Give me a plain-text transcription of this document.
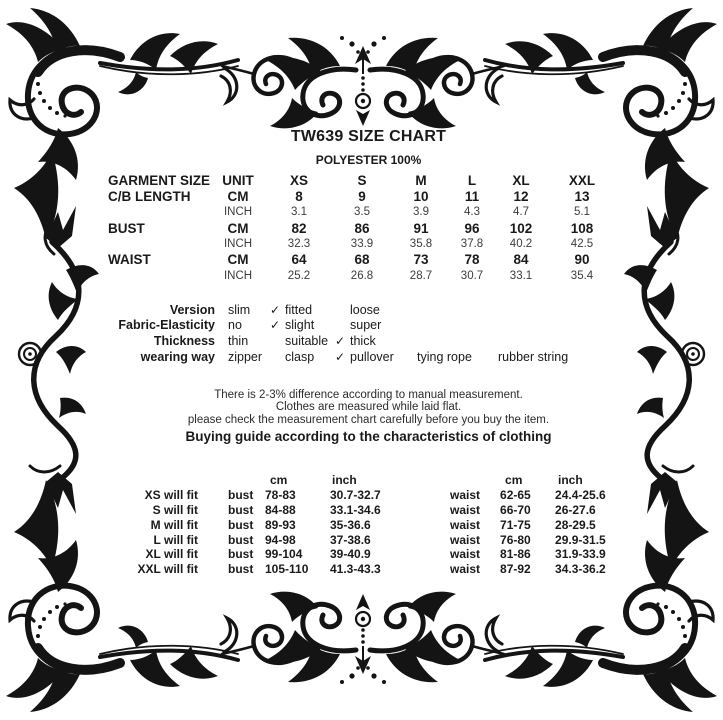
TW639 SIZE CHART
POLYESTER 100%
GARMENT SIZE	UNIT	XS	S	M	L	XL	XXL
C/B LENGTH	CM	8	9	10	11	12	13
	INCH	3.1	3.5	3.9	4.3	4.7	5.1
BUST	CM	82	86	91	96	102	108
	INCH	32.3	33.9	35.8	37.8	40.2	42.5
WAIST	CM	64	68	73	78	84	90
	INCH	25.2	26.8	28.7	30.7	33.1	35.4
Version	slim	✓	fitted		loose		
Fabric-Elasticity	no	✓	slight		super		
Thickness	thin		suitable	✓	thick		
wearing way	zipper		clasp	✓	pullover	tying rope	rubber string
There is 2-3% difference according to manual measurement.
Clothes are measured while laid flat.
please check the measurement chart carefully before you buy the item.
Buying guide according to the characteristics of clothing
		cm	inch		cm	inch
XS will fit	bust	78-83	30.7-32.7	waist	62-65	24.4-25.6
S will fit	bust	84-88	33.1-34.6	waist	66-70	26-27.6
M will fit	bust	89-93	35-36.6	waist	71-75	28-29.5
L will fit	bust	94-98	37-38.6	waist	76-80	29.9-31.5
XL will fit	bust	99-104	39-40.9	waist	81-86	31.9-33.9
XXL will fit	bust	105-110	41.3-43.3	waist	87-92	34.3-36.2
